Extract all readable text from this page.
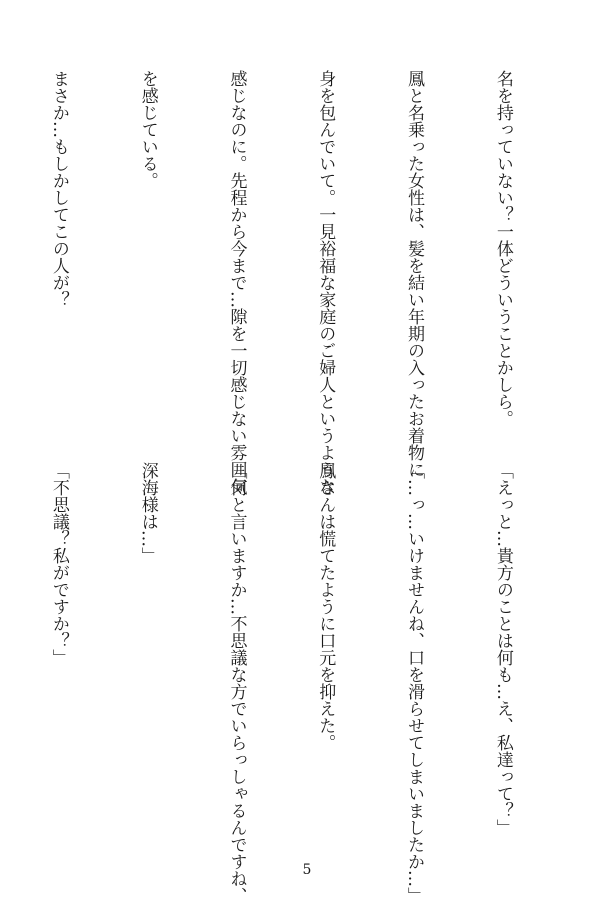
名を持っていない？一体どういうことかしら。

鳳と名乗った女性は、髪を結い年期の入ったお着物に

身を包んでいて。一見裕福な家庭のご婦人というような

感じなのに。先程から今まで…隙を一切感じない雰囲気

を感じている。

まさか…もしかしてこの人が？

「えっと…貴方のことは何も…え、私達って？」

「…っ…いけませんね、口を滑らせてしまいましたか…」

鳳さんは慌てたように口元を抑えた。

「何と言いますか…不思議な方でいらっしゃるんですね、

深海様は…」

「不思議？私がですか？」

5
